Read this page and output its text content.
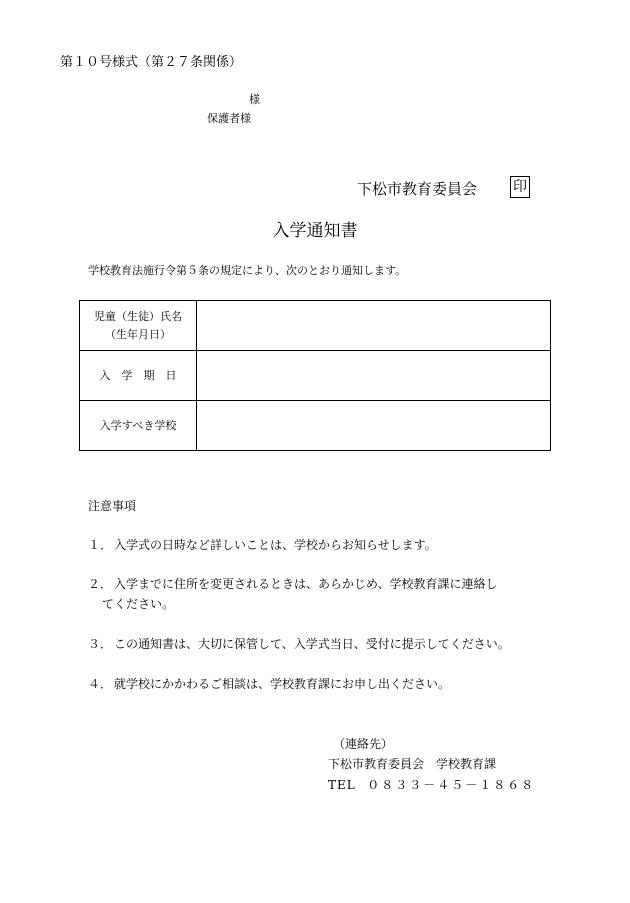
第１０号様式（第２７条関係）
様
保護者様
下松市教育委員会	印
入学通知書
学校教育法施行令第５条の規定により、次のとおり通知します。
児童（生徒）氏名
（生年月日）	

入　学　期　日	
入学すべき学校	
注意事項
１． 入学式の日時など詳しいことは、学校からお知らせします。
２． 入学までに住所を変更されるときは、あらかじめ、学校教育課に連絡し
てください。
３． この通知書は、大切に保管して、入学式当日、受付に提示してください。
４． 就学校にかかわるご相談は、学校教育課にお申し出ください。
（連絡先）
下松市教育委員会　学校教育課
TEL ０８３３－４５－１８６８
